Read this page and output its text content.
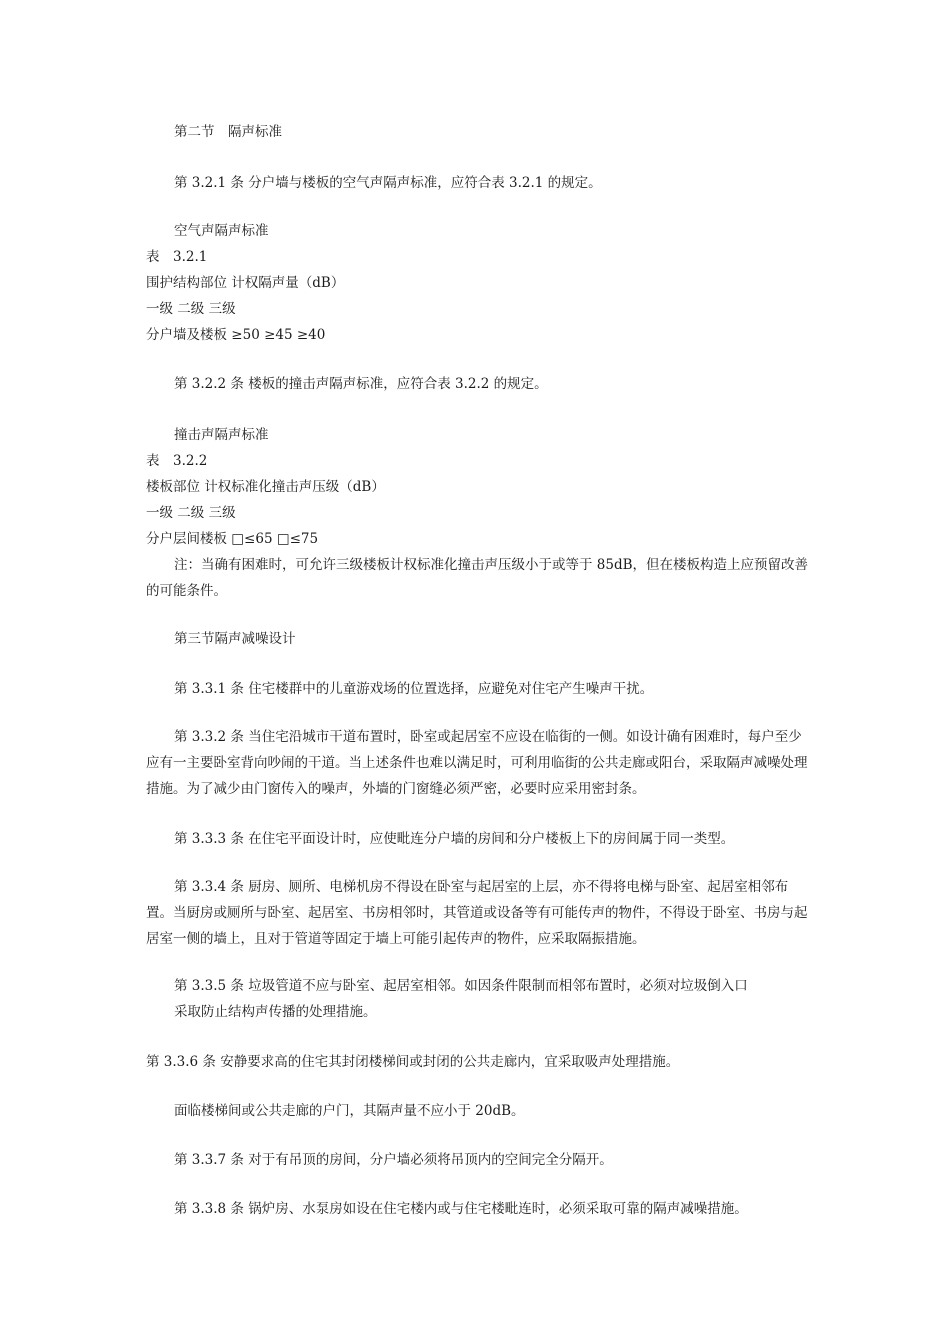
第二节　隔声标准
第 3.2.1 条 分户墙与楼板的空气声隔声标准，应符合表 3.2.1 的规定。
空气声隔声标准
表　3.2.1
围护结构部位 计权隔声量（dB）
一级 二级 三级
分户墙及楼板 ≥50 ≥45 ≥40
第 3.2.2 条 楼板的撞击声隔声标准，应符合表 3.2.2 的规定。
撞击声隔声标准
表　3.2.2
楼板部位 计权标准化撞击声压级（dB）
一级 二级 三级
分户层间楼板 □≤65 □≤75
注：当确有困难时，可允许三级楼板计权标准化撞击声压级小于或等于 85dB，但在楼板构造上应预留改善的可能条件。
第三节隔声减噪设计
第 3.3.1 条 住宅楼群中的儿童游戏场的位置选择，应避免对住宅产生噪声干扰。
第 3.3.2 条 当住宅沿城市干道布置时，卧室或起居室不应设在临街的一侧。如设计确有困难时，每户至少应有一主要卧室背向吵闹的干道。当上述条件也难以满足时，可利用临街的公共走廊或阳台，采取隔声减噪处理措施。为了减少由门窗传入的噪声，外墙的门窗缝必须严密，必要时应采用密封条。
第 3.3.3 条 在住宅平面设计时，应使毗连分户墙的房间和分户楼板上下的房间属于同一类型。
第 3.3.4 条 厨房、厕所、电梯机房不得设在卧室与起居室的上层，亦不得将电梯与卧室、起居室相邻布置。当厨房或厕所与卧室、起居室、书房相邻时，其管道或设备等有可能传声的物件，不得设于卧室、书房与起居室一侧的墙上，且对于管道等固定于墙上可能引起传声的物件，应采取隔振措施。
第 3.3.5 条 垃圾管道不应与卧室、起居室相邻。如因条件限制而相邻布置时，必须对垃圾倒入口
采取防止结构声传播的处理措施。
第 3.3.6 条 安静要求高的住宅其封闭楼梯间或封闭的公共走廊内，宜采取吸声处理措施。
面临楼梯间或公共走廊的户门，其隔声量不应小于 20dB。
第 3.3.7 条 对于有吊顶的房间，分户墙必须将吊顶内的空间完全分隔开。
第 3.3.8 条 锅炉房、水泵房如设在住宅楼内或与住宅楼毗连时，必须采取可靠的隔声减噪措施。
